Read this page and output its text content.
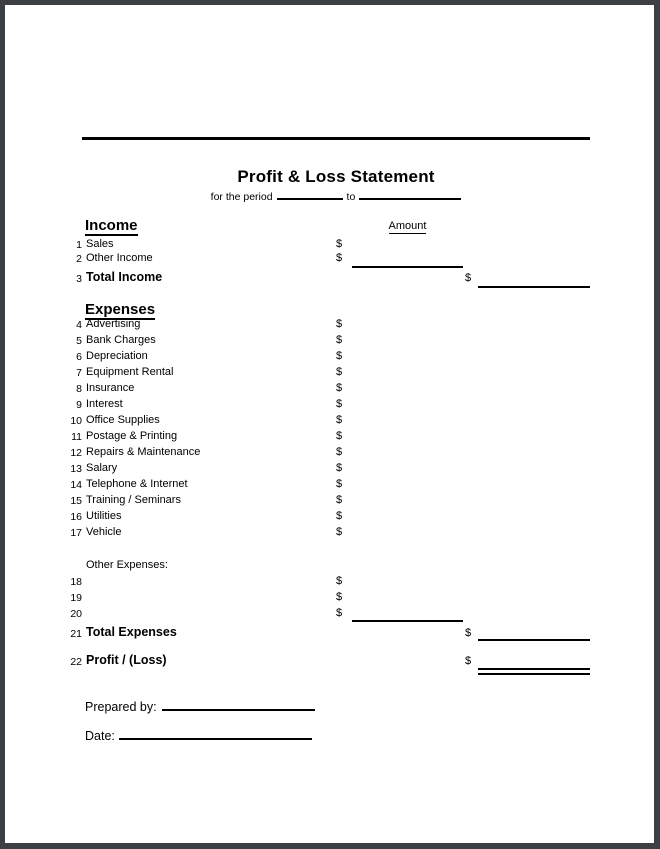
Profit & Loss Statement
for the period	to
Income	Amount
1 Sales	$
2 Other Income	$
3 Total Income	$
Expenses
4 Advertising	$
5 Bank Charges	$
6 Depreciation	$
7 Equipment Rental	$
8 Insurance	$
9 Interest	$
10 Office Supplies	$
11 Postage & Printing	$
12 Repairs & Maintenance	$
13 Salary	$
14 Telephone & Internet	$
15 Training / Seminars	$
16 Utilities	$
17 Vehicle	$
Other Expenses:
18	$
19	$
20	$
21 Total Expenses	$
22 Profit / (Loss)	$
Prepared by:
Date:
